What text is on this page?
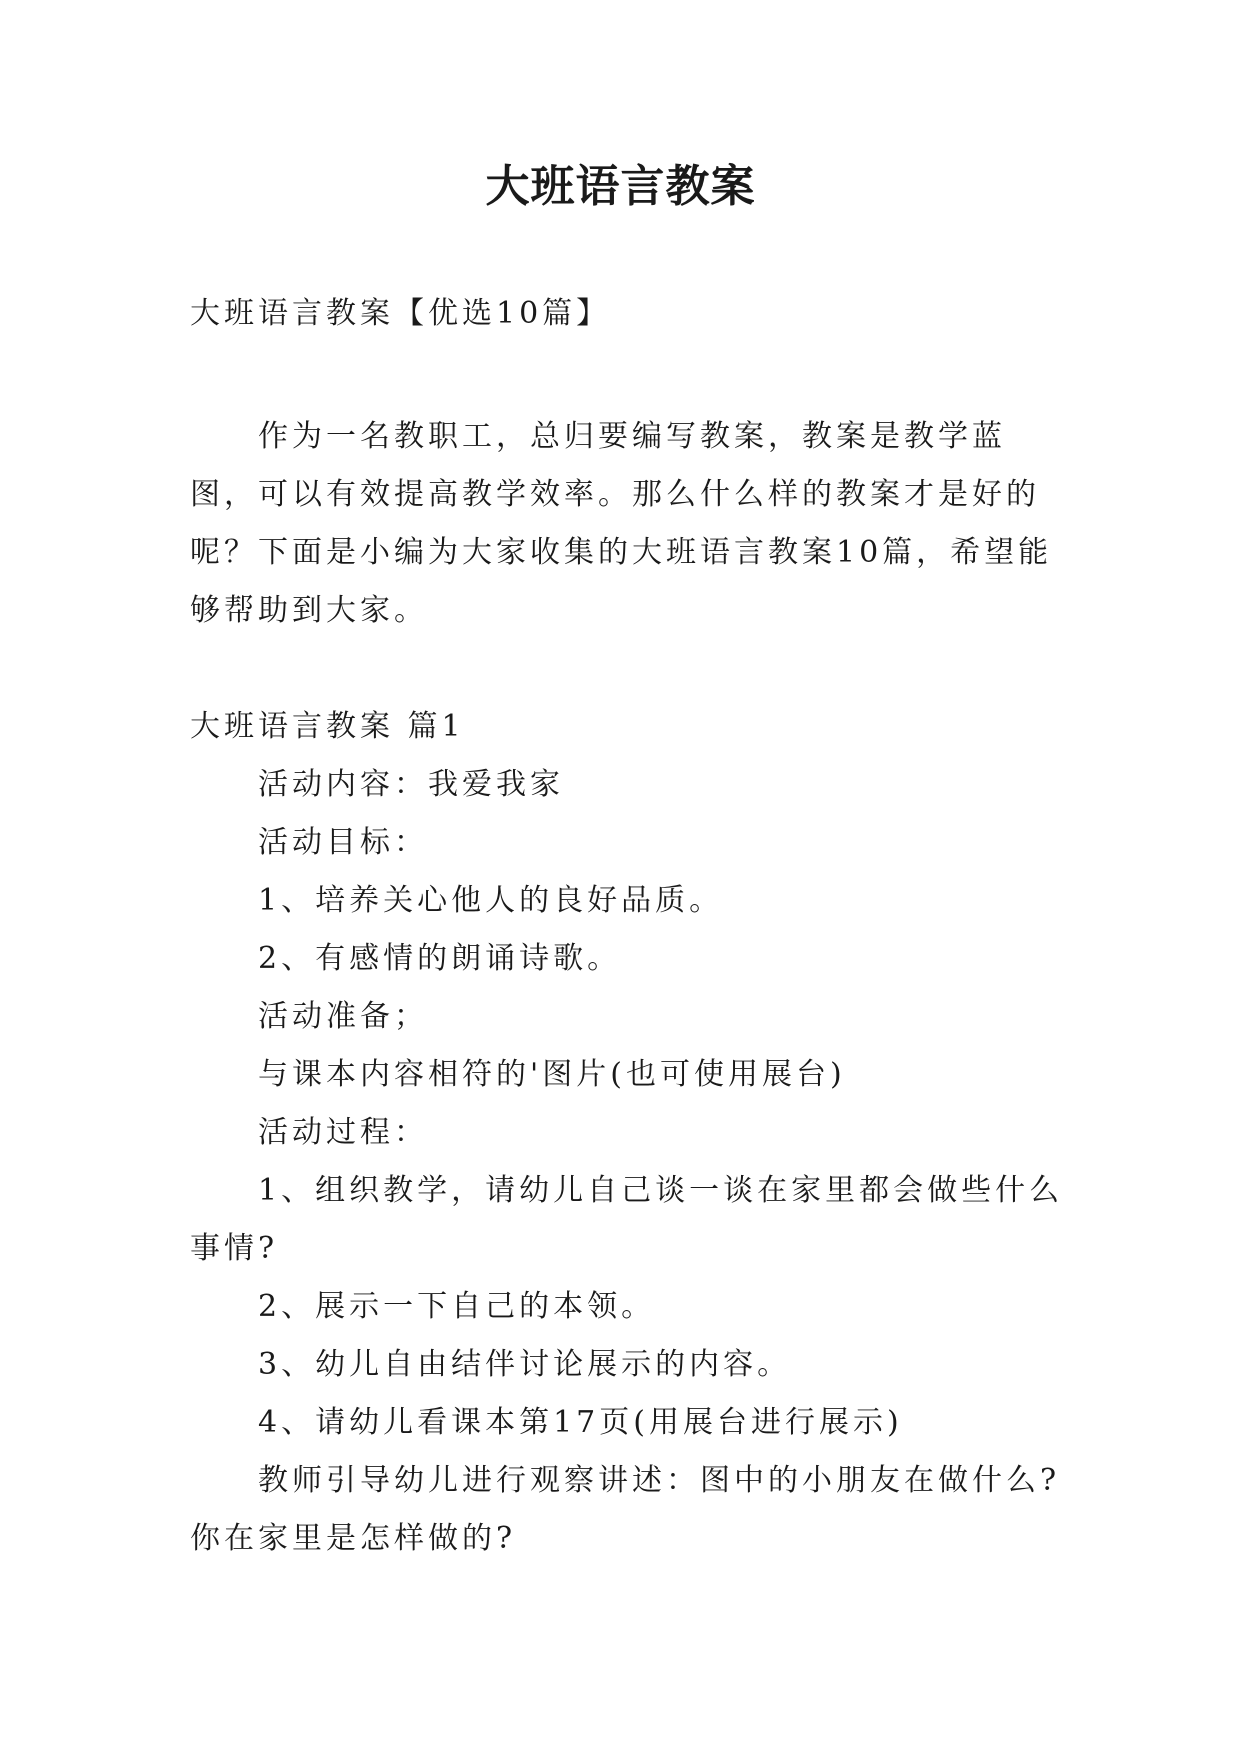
大班语言教案

大班语言教案【优选10篇】

作为一名教职工，总归要编写教案，教案是教学蓝图，可以有效提高教学效率。那么什么样的教案才是好的呢？下面是小编为大家收集的大班语言教案10篇，希望能够帮助到大家。

大班语言教案 篇1

活动内容：我爱我家

活动目标：

1、培养关心他人的良好品质。

2、有感情的朗诵诗歌。

活动准备；

与课本内容相符的'图片(也可使用展台)

活动过程：

1、组织教学，请幼儿自己谈一谈在家里都会做些什么事情?

2、展示一下自己的本领。

3、幼儿自由结伴讨论展示的内容。

4、请幼儿看课本第17页(用展台进行展示)

教师引导幼儿进行观察讲述：图中的小朋友在做什么?你在家里是怎样做的?
